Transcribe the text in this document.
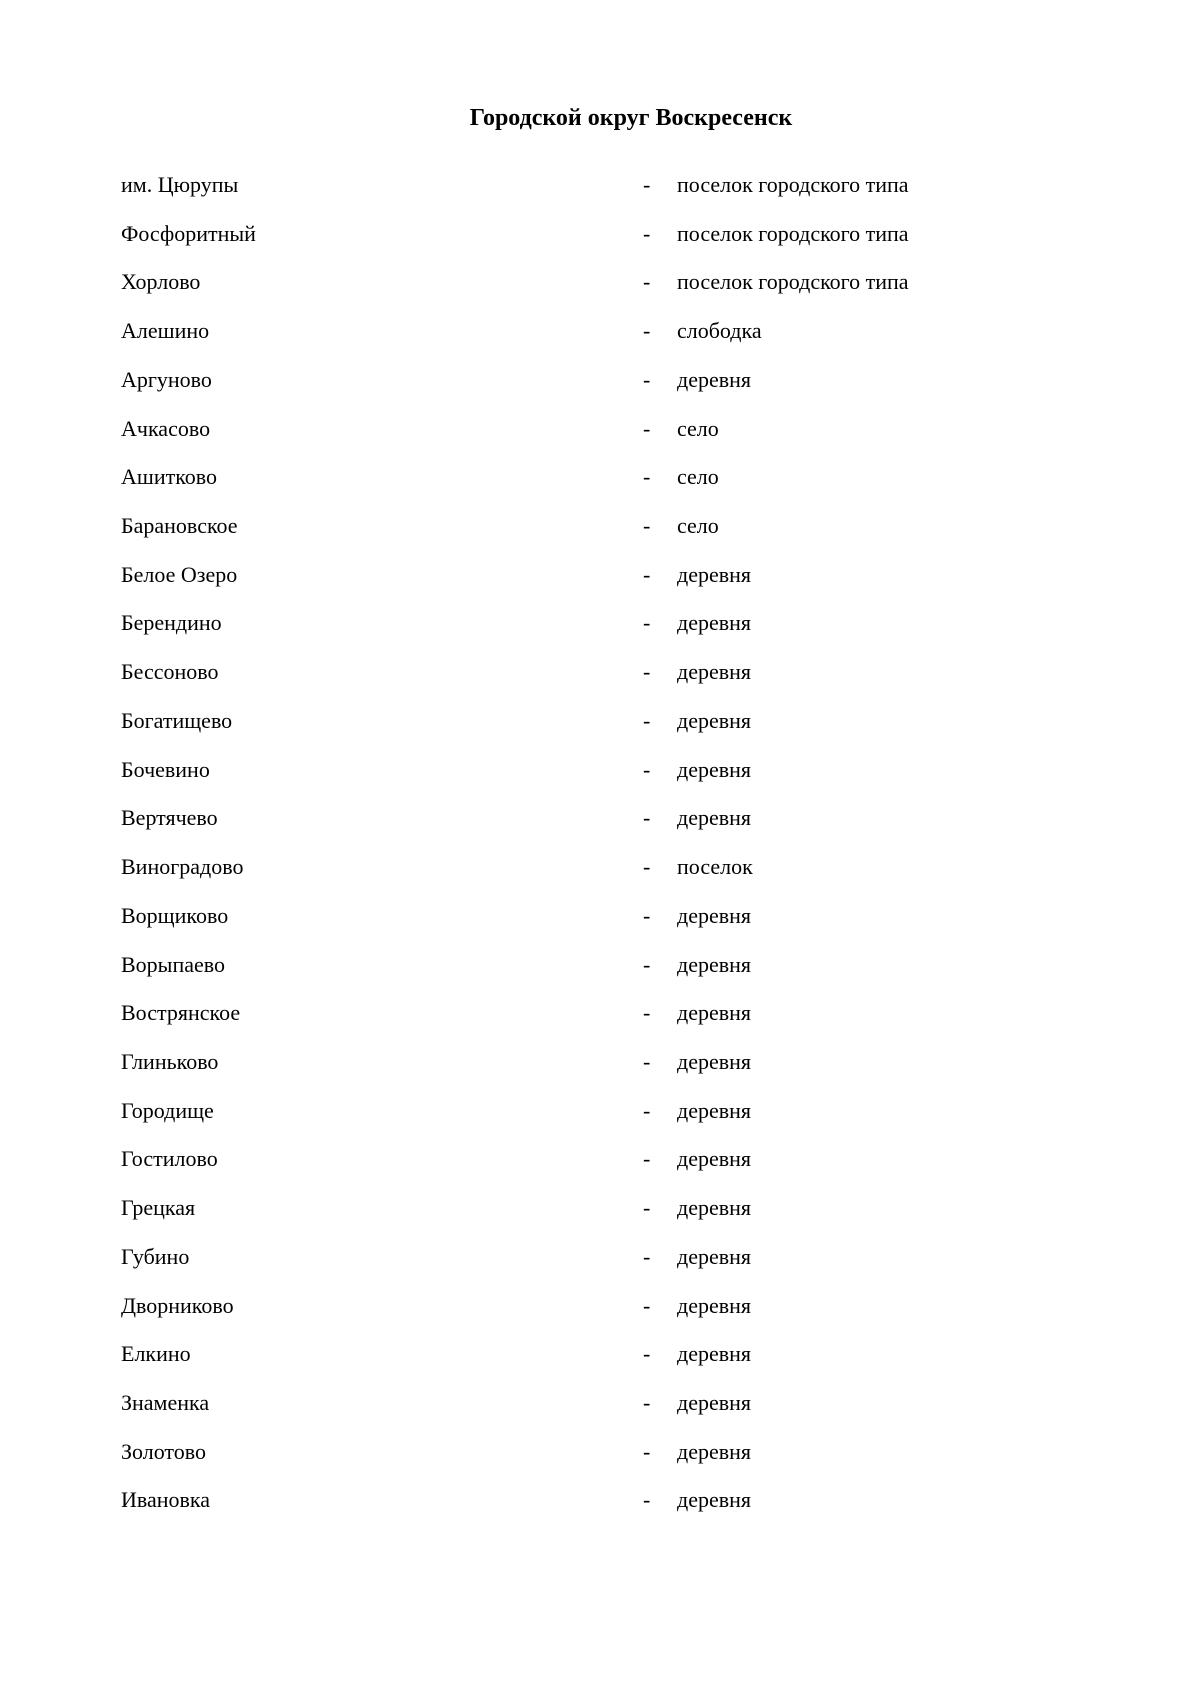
Городской округ Воскресенск
им. Цюрупы	- поселок городского типа
Фосфоритный	- поселок городского типа
Хорлово	- поселок городского типа
Алешино	- слободка
Аргуново	- деревня
Ачкасово	- село
Ашитково	- село
Барановское	- село
Белое Озеро	- деревня
Берендино	- деревня
Бессоново	- деревня
Богатищево	- деревня
Бочевино	- деревня
Вертячево	- деревня
Виноградово	- поселок
Ворщиково	- деревня
Ворыпаево	- деревня
Вострянское	- деревня
Глиньково	- деревня
Городище	- деревня
Гостилово	- деревня
Грецкая	- деревня
Губино	- деревня
Дворниково	- деревня
Елкино	- деревня
Знаменка	- деревня
Золотово	- деревня
Ивановка	- деревня
